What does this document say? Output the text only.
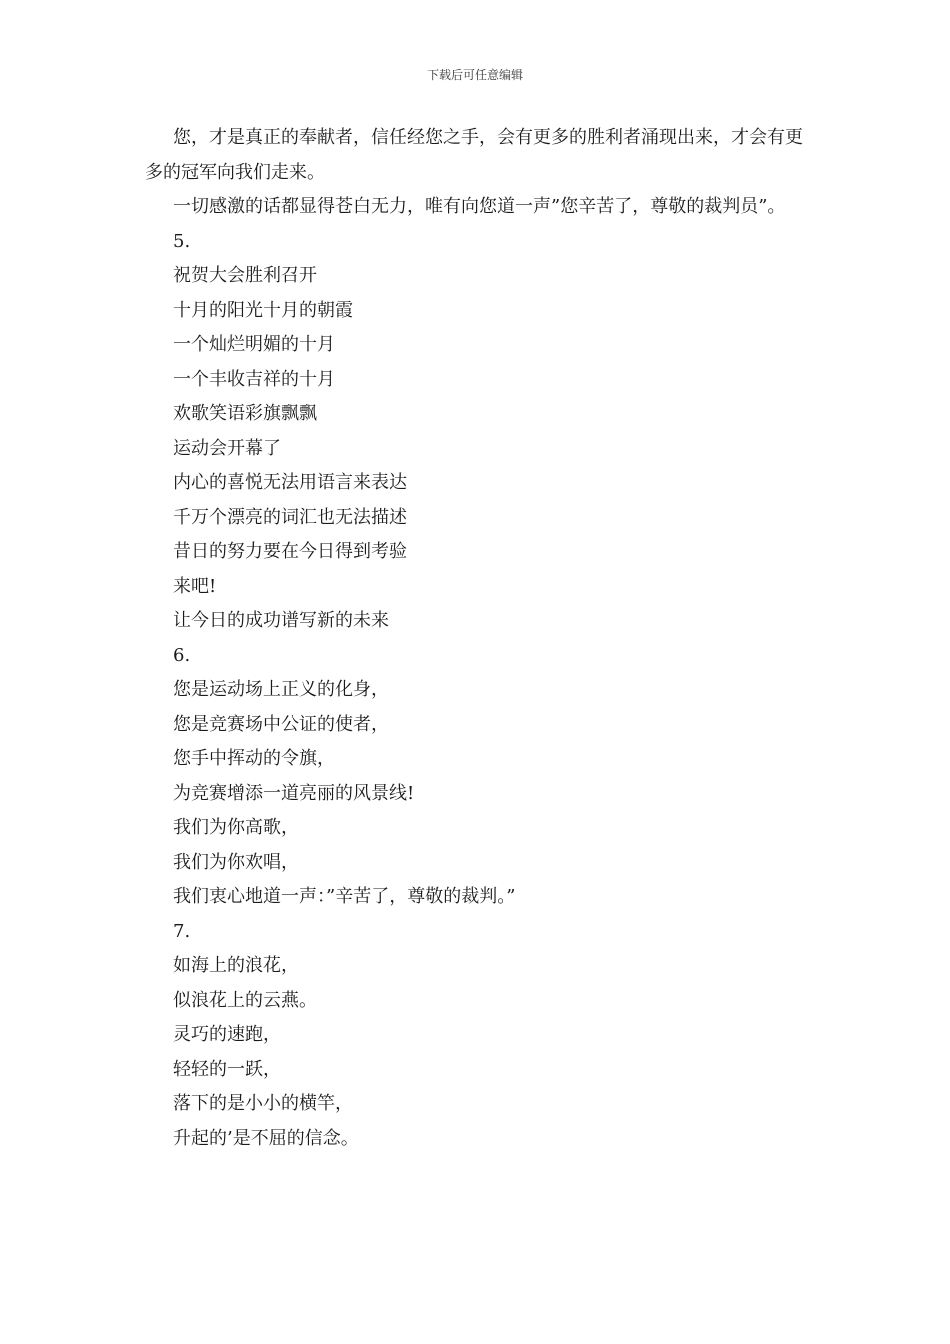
下载后可任意编辑

您，才是真正的奉献者，信任经您之手，会有更多的胜利者涌现出来，才会有更多的冠军向我们走来。

一切感激的话都显得苍白无力，唯有向您道一声”您辛苦了，尊敬的裁判员”。

5.

祝贺大会胜利召开

十月的阳光十月的朝霞

一个灿烂明媚的十月

一个丰收吉祥的十月

欢歌笑语彩旗飘飘

运动会开幕了

内心的喜悦无法用语言来表达

千万个漂亮的词汇也无法描述

昔日的努力要在今日得到考验

来吧!

让今日的成功谱写新的未来

6.

您是运动场上正义的化身，

您是竞赛场中公证的使者，

您手中挥动的令旗，

为竞赛增添一道亮丽的风景线!

我们为你高歌，

我们为你欢唱，

我们衷心地道一声：”辛苦了，尊敬的裁判。”

7.

如海上的浪花，

似浪花上的云燕。

灵巧的速跑，

轻轻的一跃，

落下的是小小的横竿，

升起的’是不屈的信念。
